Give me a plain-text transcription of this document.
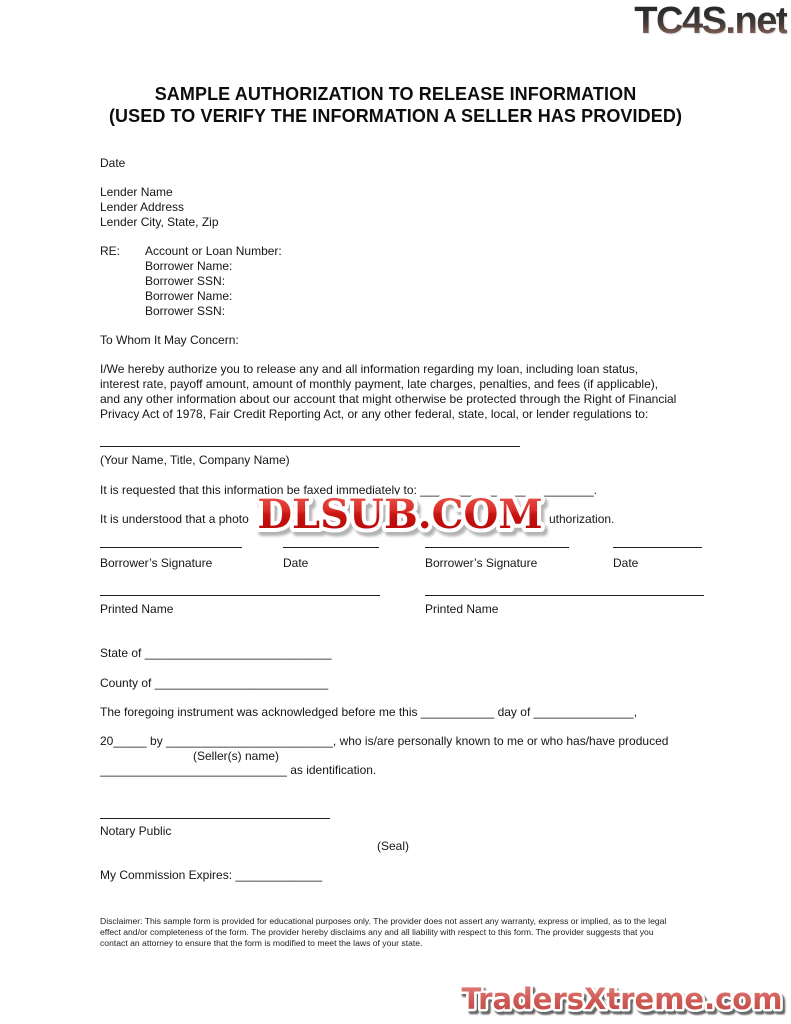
TC4S.net
SAMPLE AUTHORIZATION TO RELEASE INFORMATION
(USED TO VERIFY THE INFORMATION A SELLER HAS PROVIDED)
Date
Lender Name
Lender Address
Lender City, State, Zip
RE: Account or Loan Number:
Borrower Name:
Borrower SSN:
Borrower Name:
Borrower SSN:
To Whom It May Concern:
I/We hereby authorize you to release any and all information regarding my loan, including loan status,
interest rate, payoff amount, amount of monthly payment, late charges, penalties, and fees (if applicable),
and any other information about our account that might otherwise be protected through the Right of Financial
Privacy Act of 1978, Fair Credit Reporting Act, or any other federal, state, local, or lender regulations to:
(Your Name, Title, Company Name)
It is requested that this information be faxed immediately to: __________________________.
It is understood that a photo	uthorization.
DLSUB.COM
Borrower’s Signature	Date	Borrower’s Signature	Date
Printed Name	Printed Name
State of ____________________________
County of __________________________
The foregoing instrument was acknowledged before me this ___________ day of _______________,
20_____ by _________________________, who is/are personally known to me or who has/have produced
(Seller(s) name)
____________________________ as identification.
Notary Public
(Seal)
My Commission Expires: _____________
Disclaimer: This sample form is provided for educational purposes only. The provider does not assert any warranty, express or implied, as to the legal
effect and/or completeness of the form. The provider hereby disclaims any and all liability with respect to this form. The provider suggests that you
contact an attorney to ensure that the form is modified to meet the laws of your state.
TradersXtreme.com
